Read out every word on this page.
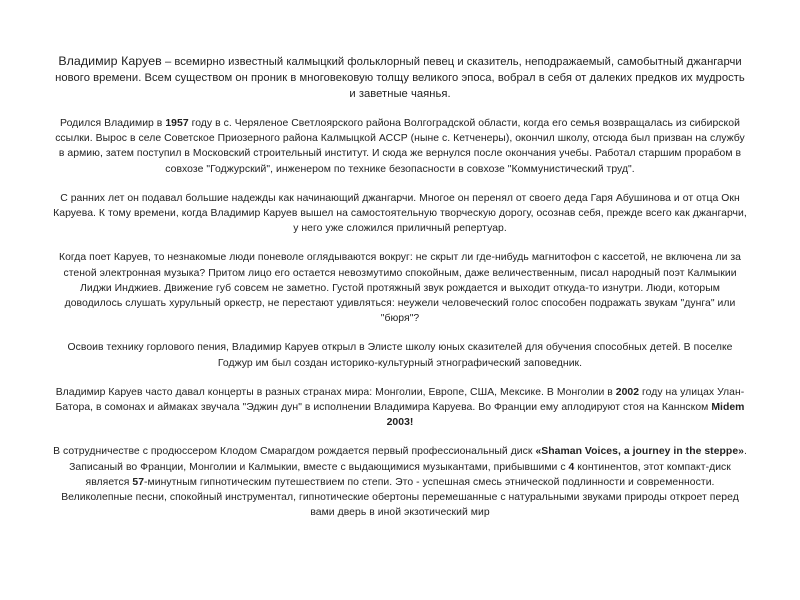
Владимир Каруев – всемирно известный калмыцкий фольклорный певец и сказитель, неподражаемый, самобытный джангарчи нового времени. Всем существом он проник в многовековую толщу великого эпоса, вобрал в себя от далеких предков их мудрость и заветные чаянья.

Родился Владимир в 1957 году в с. Черяленое Светлоярского района Волгоградской области, когда его семья возвращалась из сибирской ссылки. Вырос в селе Советское Приозерного района Калмыцкой АССР (ныне с. Кетченеры), окончил школу, отсюда был призван на службу в армию, затем поступил в Московский строительный институт. И сюда же вернулся после окончания учебы. Работал старшим прорабом в совхозе "Годжурский", инженером по технике безопасности в совхозе "Коммунистический труд".

С ранних лет он подавал большие надежды как начинающий джангарчи. Многое он перенял от своего деда Гаря Абушинова и от отца Окн Каруева. К тому времени, когда Владимир Каруев вышел на самостоятельную творческую дорогу, осознав себя, прежде всего как джангарчи, у него уже сложился приличный репертуар.

Когда поет Каруев, то незнакомые люди поневоле оглядываются вокруг: не скрыт ли где-нибудь магнитофон с кассетой, не включена ли за стеной электронная музыка? Притом лицо его остается невозмутимо спокойным, даже величественным, писал народный поэт Калмыкии Лиджи Инджиев. Движение губ совсем не заметно. Густой протяжный звук рождается и выходит откуда-то изнутри. Люди, которым доводилось слушать хурульный оркестр, не перестают удивляться: неужели человеческий голос способен подражать звукам "дунга" или "бюря"?

Освоив технику горлового пения, Владимир Каруев открыл в Элисте школу юных сказителей для обучения способных детей. В поселке Годжур им был создан историко-культурный этнографический заповедник.

Владимир Каруев часто давал концерты в разных странах мира: Монголии, Европе, США, Мексике. В Монголии в 2002 году на улицах Улан-Батора, в сомонах и аймаках звучала "Эджин дун" в исполнении Владимира Каруева. Во Франции ему аплодируют стоя на Каннском Midem 2003!

В сотрудничестве с продюссером Клодом Смарагдом рождается первый профессиональный диск «Shaman Voices, a journey in the steppe». Записаный во Франции, Монголии и Калмыкии, вместе с выдающимися музыкантами, прибывшими с 4 континентов, этот компакт-диск является 57-минутным гипнотическим путешествием по степи. Это - успешная смесь этнической подлинности и современности. Великолепные песни, спокойный инструментал, гипнотические обертоны перемешанные с натуральными звуками природы откроет перед вами дверь в иной экзотический мир
